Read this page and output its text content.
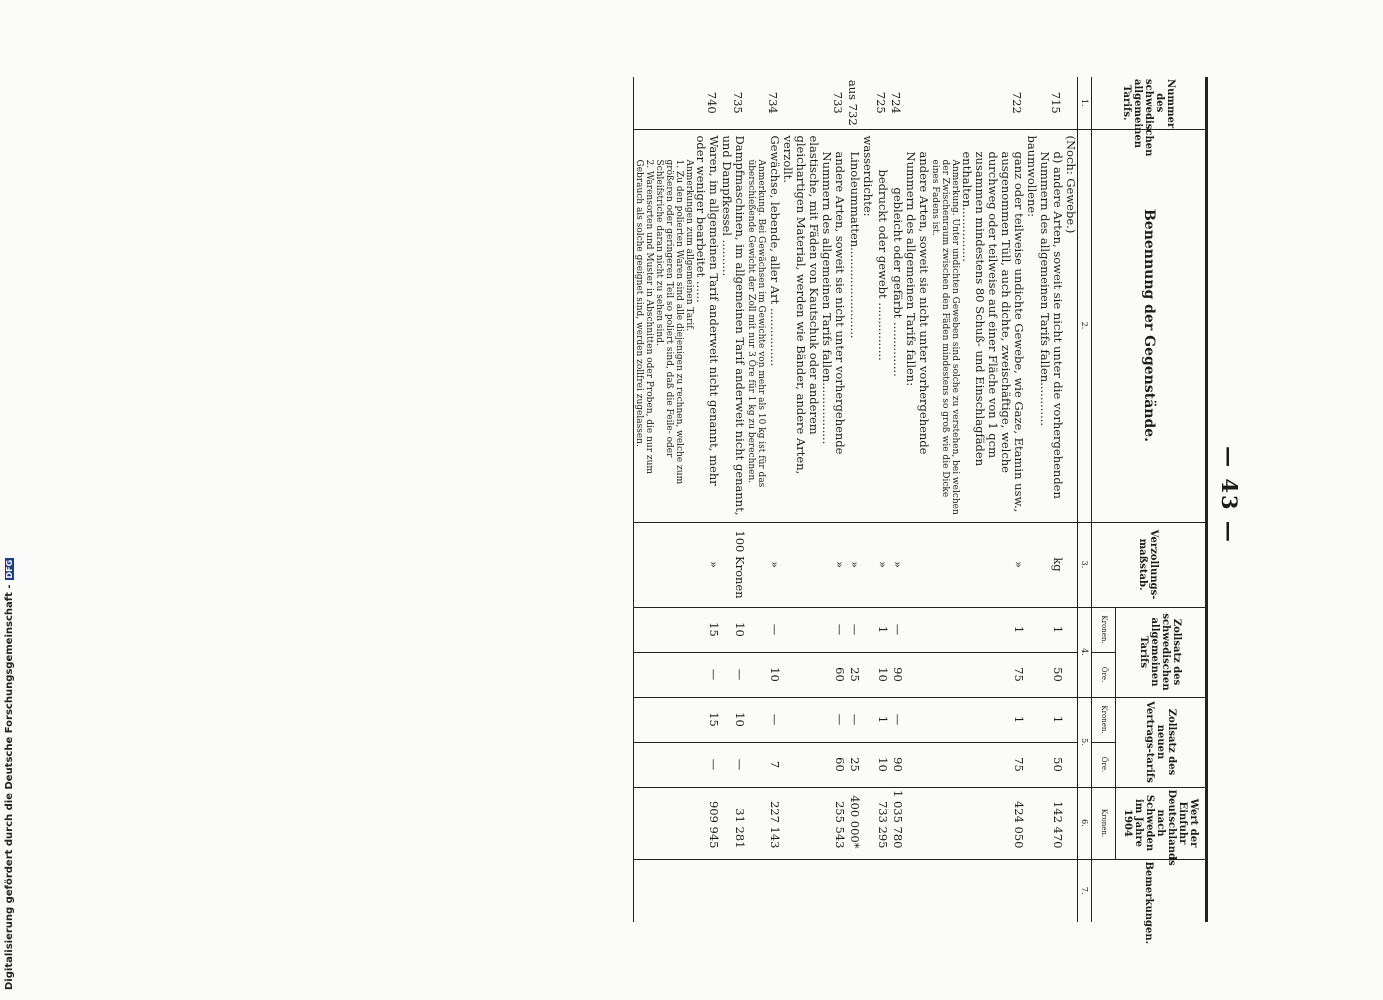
— 43 —
Nummer des schwedischen allgemeinen Tarifs.	Benennung der Gegenstände.	Verzollungs-maßstab.	Zollsatz des schwedischen allgemeinen Tarifs		Zollsatz des neuen Vertrags-tarifs		Wert der Einfuhr Deutschlands nach Schweden im Jahre 1904	Bemerkungen.
			Kronen.	Öre.	Kronen.	Öre.	Kronen.	
1.	2.	3.	4.		5.		6.	7.

	(Noch: Gewebe.)							

715	d) andere Arten, soweit sie nicht unter die vorhergehenden Nummern des allgemeinen Tarifs fallen............	kg	1	50	1	50	142 470	

	baumwollene:							

722	ganz oder teilweise undichte Gewebe, wie Gaze, Etamin usw., ausgenommen Tüll, auch dichte, zweischäftige, welche durchweg oder teilweise auf einer Fläche von 1 qcm zusammen mindestens 80 Schuß- und Einschlagfäden enthalten...............	»	1	75	1	75	424 050	

	Anmerkung. Unter undichten Geweben sind solche zu verstehen, bei welchen der Zwischenraum zwischen den Fäden mindestens so groß wie die Dicke eines Fadens ist.							

	andere Arten, soweit sie nicht unter vorhergehende Nummern des allgemeinen Tarifs fallen:							

724	gebleicht oder gefärbt ...............	»	—	90	—	90	1 035 780	

725	bedruckt oder gewebt ................	»	1	10	1	10	733 295	

	wasserdichte:							

aus 732	Linoleummatten.........................	»	—	25	—	25	400 000*	

733	andere Arten, soweit sie nicht unter vorhergehende Nummern des allgemeinen Tarifs fallen.................	»	—	60	—	60	255 543	

	elastische, mit Fäden von Kautschuk oder anderem gleichartigen Material, werden wie Bänder, andere Arten, verzollt.							

734	Gewächse, lebende, aller Art ................	»	—	10	—	7	227 143	

	Anmerkung. Bei Gewächsen im Gewichte von mehr als 10 kg ist für das überschießende Gewicht der Zoll mit nur 3 Öre für 1 kg zu berechnen.							

735	Dampfmaschinen, im allgemeinen Tarif anderweit nicht genannt, und Dampfkessel ..........	100 Kronen	10	—	10	—	31 281	

740	Waren, im allgemeinen Tarif anderweit nicht genannt, mehr oder weniger bearbeitet ......	»	15	—	15	—	909 945	

	Anmerkungen zum allgemeinen Tarif.							

	1. Zu den polierten Waren sind alle diejenigen zu rechnen, welche zum größeren oder geringeren Teil so poliert sind, daß die Feile- oder Schleifstriche daran nicht zu sehen sind.							

	2. Warensorten und Muster in Abschnitten oder Proben, die nur zum Gebrauch als solche geeignet sind, werden zollfrei zugelassen.							

Digitalisierung gefördert durch die Deutsche Forschungsgemeinschaft -DFG
